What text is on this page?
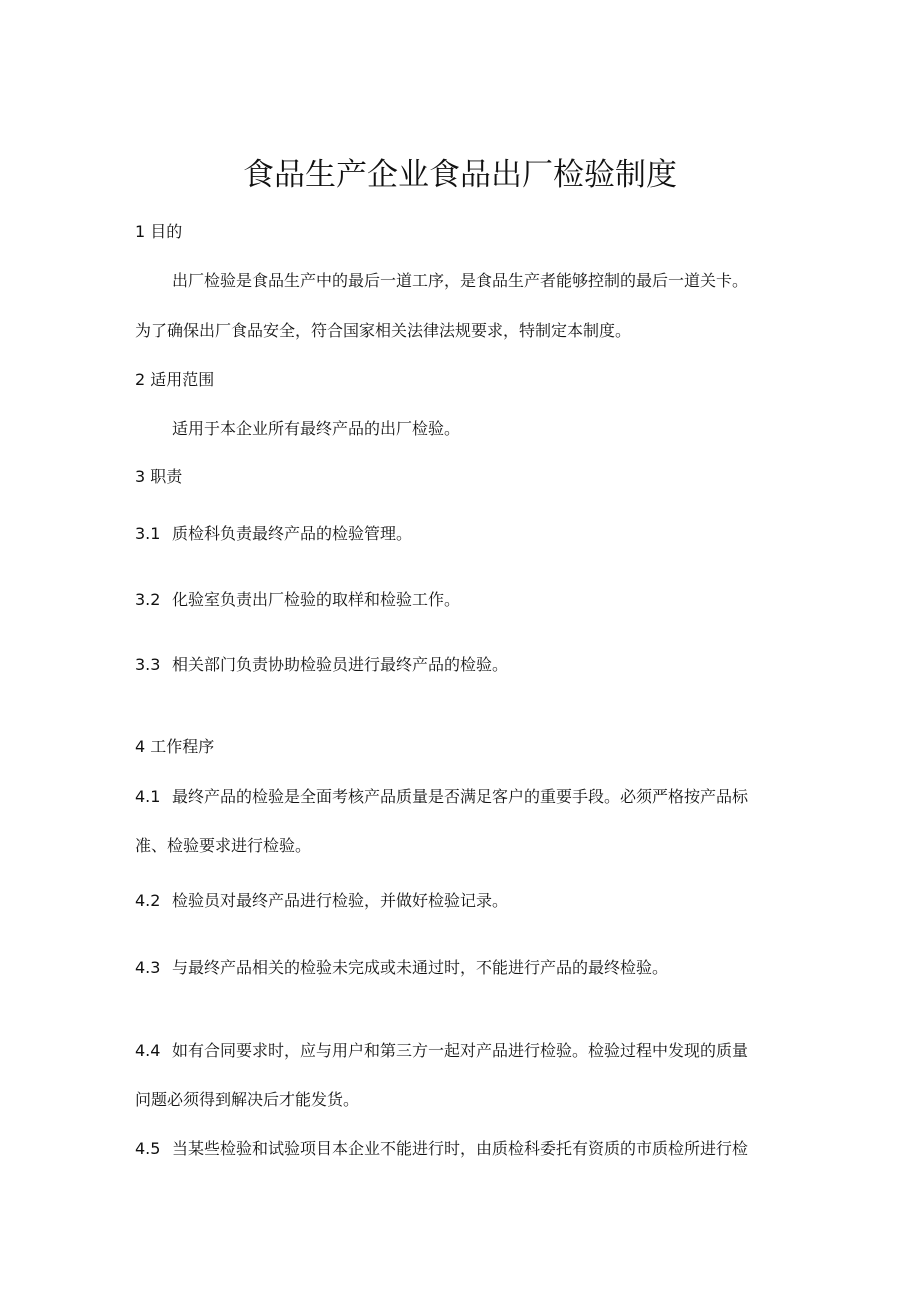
食品生产企业食品出厂检验制度
1 目的
出厂检验是食品生产中的最后一道工序，是食品生产者能够控制的最后一道关卡。
为了确保出厂食品安全，符合国家相关法律法规要求，特制定本制度。
2 适用范围
适用于本企业所有最终产品的出厂检验。
3 职责
3.1 质检科负责最终产品的检验管理。
3.2 化验室负责出厂检验的取样和检验工作。
3.3 相关部门负责协助检验员进行最终产品的检验。
4 工作程序
4.1 最终产品的检验是全面考核产品质量是否满足客户的重要手段。必须严格按产品标
准、检验要求进行检验。
4.2 检验员对最终产品进行检验，并做好检验记录。
4.3 与最终产品相关的检验未完成或未通过时，不能进行产品的最终检验。
4.4 如有合同要求时，应与用户和第三方一起对产品进行检验。检验过程中发现的质量
问题必须得到解决后才能发货。
4.5 当某些检验和试验项目本企业不能进行时，由质检科委托有资质的市质检所进行检
